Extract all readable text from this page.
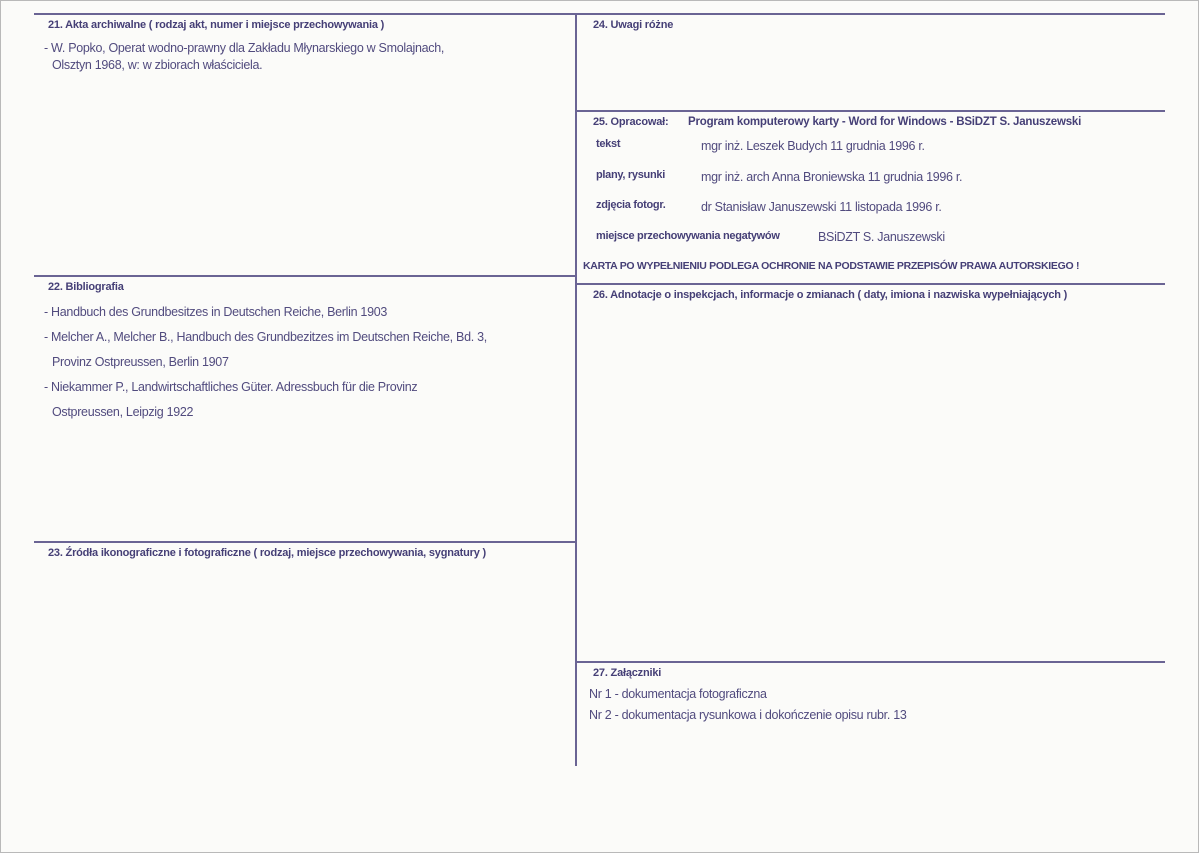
21. Akta archiwalne ( rodzaj akt, numer i miejsce przechowywania )
- W. Popko, Operat wodno-prawny dla Zakładu Młynarskiego w Smolajnach,
Olsztyn 1968, w: w zbiorach właściciela.
22. Bibliografia
- Handbuch des Grundbesitzes in Deutschen Reiche, Berlin 1903
- Melcher A., Melcher B., Handbuch des Grundbezitzes im Deutschen Reiche, Bd. 3,
Provinz Ostpreussen, Berlin 1907
- Niekammer P., Landwirtschaftliches Güter. Adressbuch für die Provinz
Ostpreussen, Leipzig 1922
23. Źródła ikonograficzne i fotograficzne ( rodzaj, miejsce przechowywania, sygnatury )
24. Uwagi różne
25. Opracował: Program komputerowy karty - Word for Windows - BSiDZT S. Januszewski
tekst	mgr inż. Leszek Budych 11 grudnia 1996 r.
plany, rysunki	mgr inż. arch Anna Broniewska 11 grudnia 1996 r.
zdjęcia fotogr.	dr Stanisław Januszewski 11 listopada 1996 r.
miejsce przechowywania negatywów	BSiDZT S. Januszewski
KARTA PO WYPEŁNIENIU PODLEGA OCHRONIE NA PODSTAWIE PRZEPISÓW PRAWA AUTORSKIEGO !
26. Adnotacje o inspekcjach, informacje o zmianach ( daty, imiona i nazwiska wypełniających )
27. Załączniki
Nr 1 - dokumentacja fotograficzna
Nr 2 - dokumentacja rysunkowa i dokończenie opisu rubr. 13
